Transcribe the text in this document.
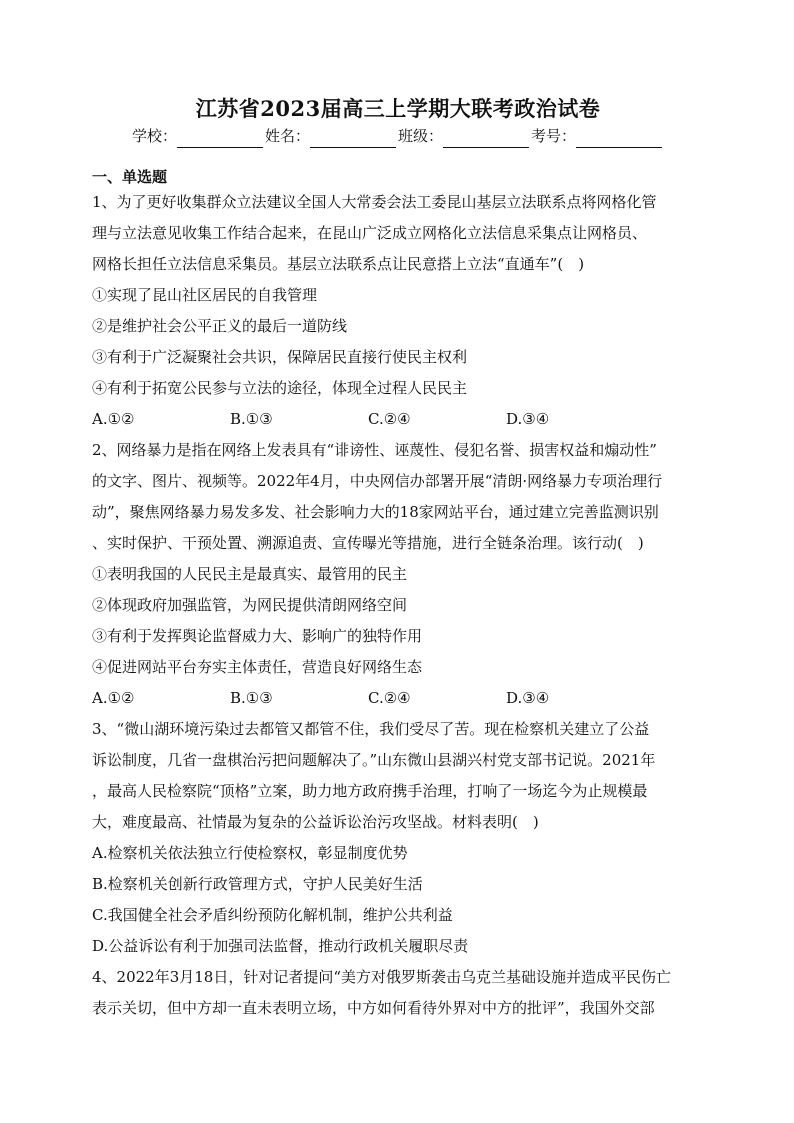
江苏省2023届高三上学期大联考政治试卷
学校：	姓名：	班级：	考号：
一、单选题

1、为了更好收集群众立法建议全国人大常委会法工委昆山基层立法联系点将网格化管

理与立法意见收集工作结合起来，在昆山广泛成立网格化立法信息采集点让网格员、

网格长担任立法信息采集员。基层立法联系点让民意搭上立法“直通车”(　)

①实现了昆山社区居民的自我管理

②是维护社会公平正义的最后一道防线

③有利于广泛凝聚社会共识，保障居民直接行使民主权利

④有利于拓宽公民参与立法的途径，体现全过程人民民主

A.①②	B.①③	C.②④	D.③④

2、网络暴力是指在网络上发表具有“诽谤性、诬蔑性、侵犯名誉、损害权益和煽动性”

的文字、图片、视频等。2022年4月，中央网信办部署开展“清朗·网络暴力专项治理行

动”，聚焦网络暴力易发多发、社会影响力大的18家网站平台，通过建立完善监测识别

、实时保护、干预处置、溯源追责、宣传曝光等措施，进行全链条治理。该行动(　)

①表明我国的人民民主是最真实、最管用的民主

②体现政府加强监管，为网民提供清朗网络空间

③有利于发挥舆论监督威力大、影响广的独特作用

④促进网站平台夯实主体责任，营造良好网络生态

A.①②	B.①③	C.②④	D.③④

3、“微山湖环境污染过去都管又都管不住，我们受尽了苦。现在检察机关建立了公益

诉讼制度，几省一盘棋治污把问题解决了。”山东微山县湖兴村党支部书记说。2021年

，最高人民检察院“顶格”立案，助力地方政府携手治理，打响了一场迄今为止规模最

大，难度最高、社情最为复杂的公益诉讼治污攻坚战。材料表明(　)

A.检察机关依法独立行使检察权，彰显制度优势

B.检察机关创新行政管理方式，守护人民美好生活

C.我国健全社会矛盾纠纷预防化解机制，维护公共利益

D.公益诉讼有利于加强司法监督，推动行政机关履职尽责

4、2022年3月18日，针对记者提问“美方对俄罗斯袭击乌克兰基础设施并造成平民伤亡

表示关切，但中方却一直未表明立场，中方如何看待外界对中方的批评”，我国外交部
